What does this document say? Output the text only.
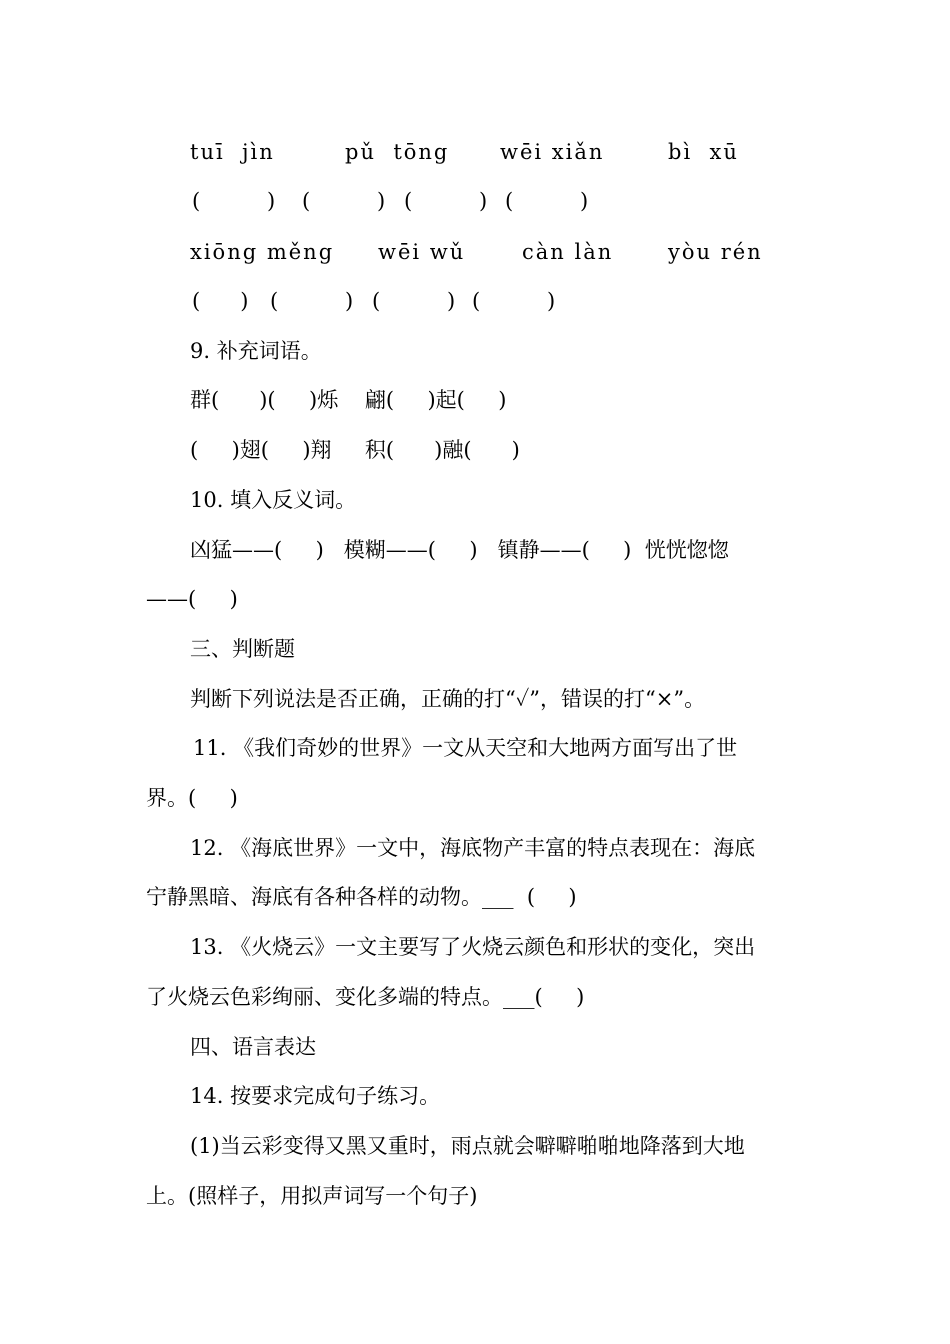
tuī  jìn	pǔ  tōng wēi xiǎn	bì  xū
(          ) (          ) (          ) (          )
xiōng měng wēi wǔ	càn làn	yòu rén
(      ) (          ) (          ) (          )
9. 补充词语。
群(      )(     )烁    翩(     )起(     )
(     )翅(     )翔     积(      )融(      )
10. 填入反义词。
凶猛——(     )   模糊——(     )   镇静——(     )  恍恍惚惚
——(     )
三、判断题
判断下列说法是否正确，正确的打“✓”，错误的打“×”。
11. 《我们奇妙的世界》一文从天空和大地两方面写出了世
界。(     )
12. 《海底世界》一文中，海底物产丰富的特点表现在：海底
宁静黑暗、海底有各种各样的动物。___  (     )
13. 《火烧云》一文主要写了火烧云颜色和形状的变化，突出
了火烧云色彩绚丽、变化多端的特点。___(     )
四、语言表达
14. 按要求完成句子练习。
(1)当云彩变得又黑又重时，雨点就会噼噼啪啪地降落到大地
上。(照样子，用拟声词写一个句子)
